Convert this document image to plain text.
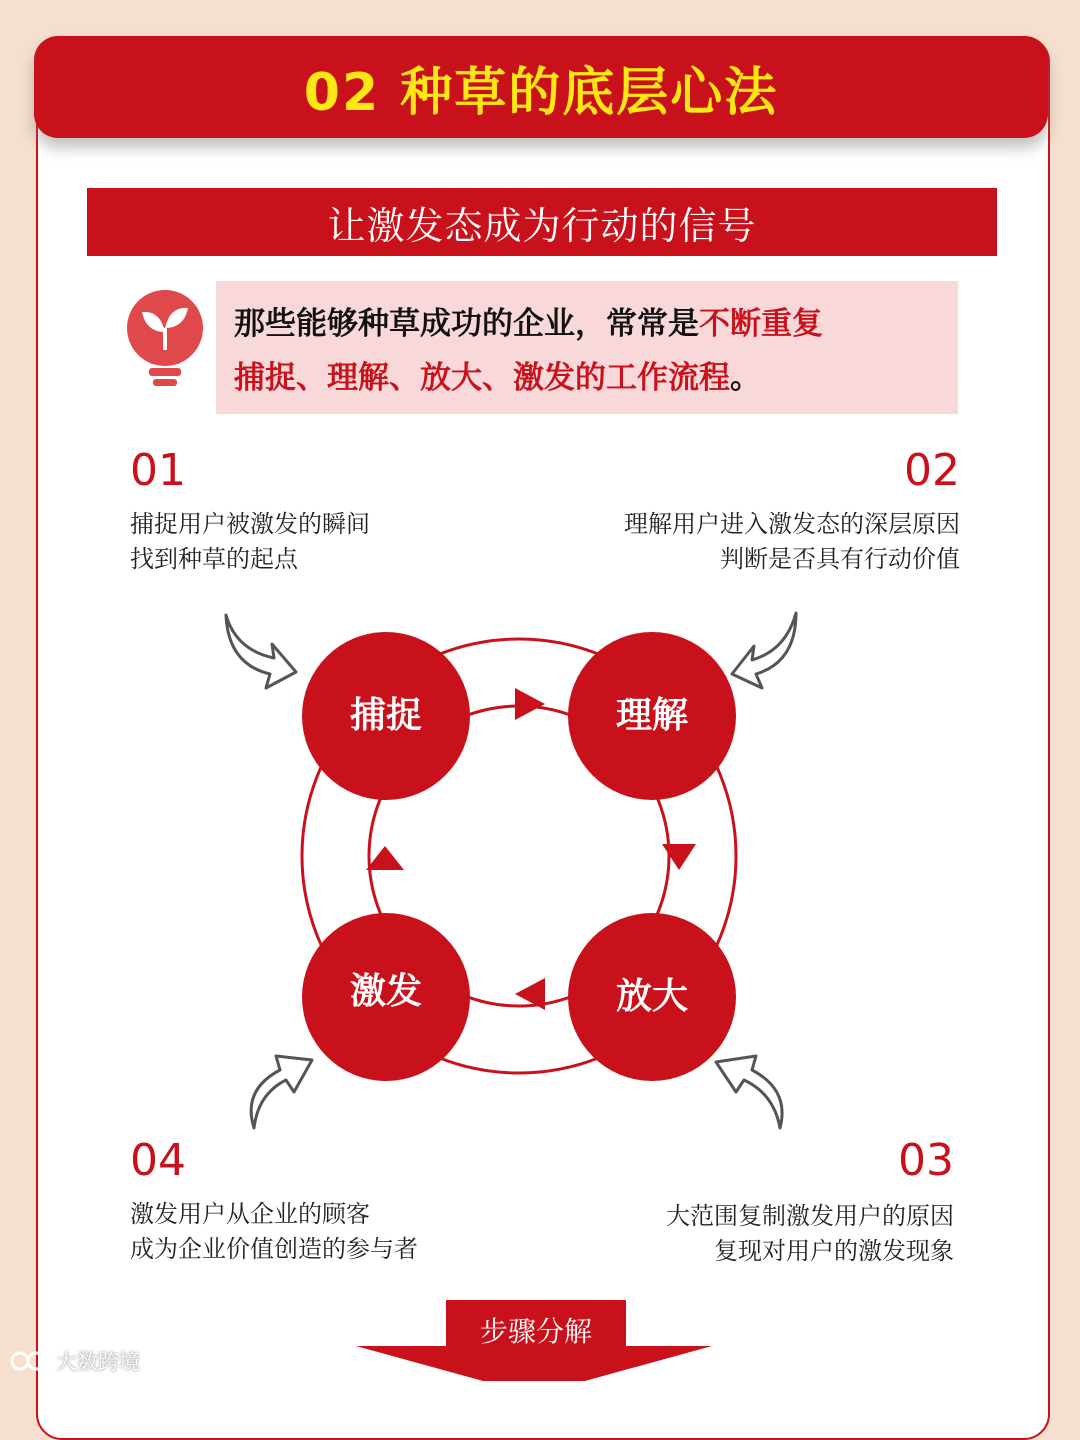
02 种草的底层心法
让激发态成为行动的信号
那些能够种草成功的企业，常常是不断重复
捕捉、理解、放大、激发的工作流程。
01
捕捉用户被激发的瞬间
找到种草的起点
02
理解用户进入激发态的深层原因
判断是否具有行动价值
捕捉	理解
放大
激发
04
激发用户从企业的顾客
成为企业价值创造的参与者
03
大范围复制激发用户的原因
复现对用户的激发现象
步骤分解
大数跨境
